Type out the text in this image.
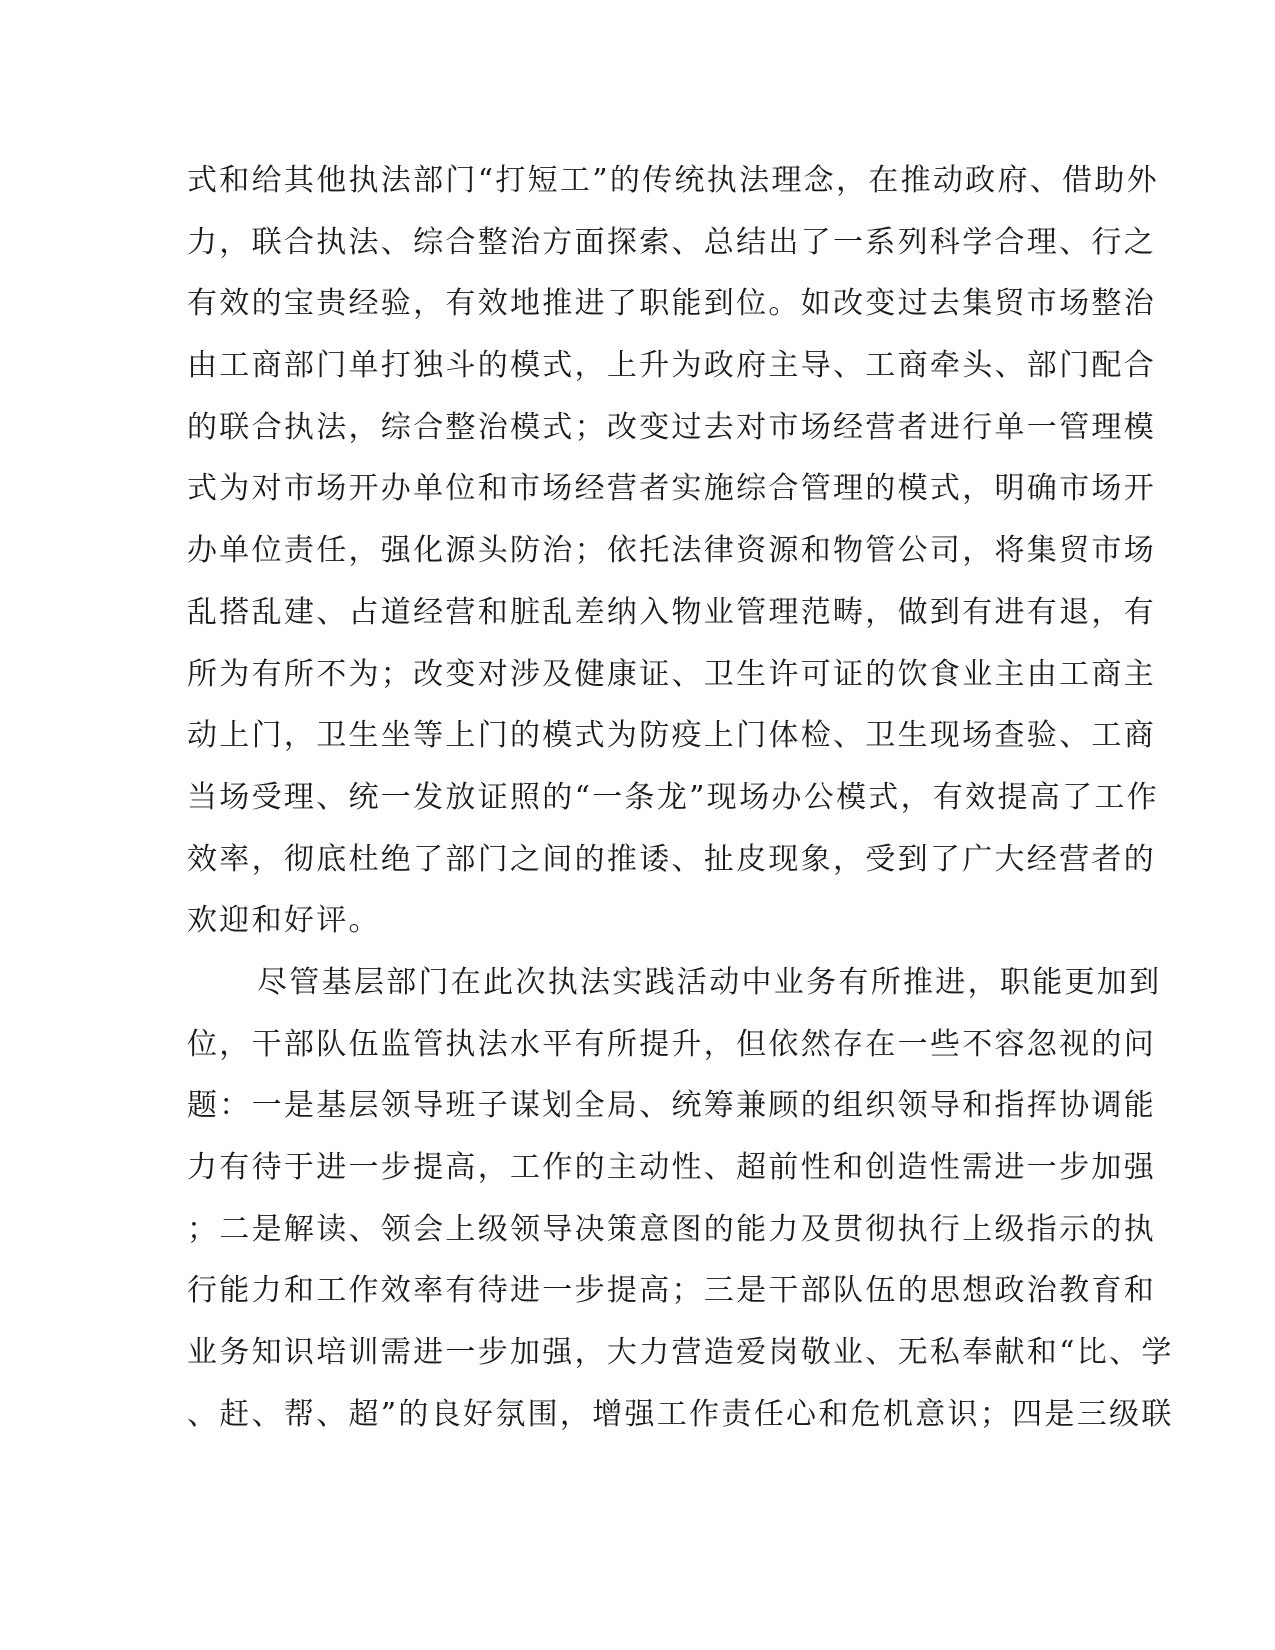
式和给其他执法部门“打短工”的传统执法理念，在推动政府、借助外
力，联合执法、综合整治方面探索、总结出了一系列科学合理、行之
有效的宝贵经验，有效地推进了职能到位。如改变过去集贸市场整治
由工商部门单打独斗的模式，上升为政府主导、工商牵头、部门配合
的联合执法，综合整治模式；改变过去对市场经营者进行单一管理模
式为对市场开办单位和市场经营者实施综合管理的模式，明确市场开
办单位责任，强化源头防治；依托法律资源和物管公司，将集贸市场
乱搭乱建、占道经营和脏乱差纳入物业管理范畴，做到有进有退，有
所为有所不为；改变对涉及健康证、卫生许可证的饮食业主由工商主
动上门，卫生坐等上门的模式为防疫上门体检、卫生现场查验、工商
当场受理、统一发放证照的“一条龙”现场办公模式，有效提高了工作
效率，彻底杜绝了部门之间的推诿、扯皮现象，受到了广大经营者的
欢迎和好评。
尽管基层部门在此次执法实践活动中业务有所推进，职能更加到
位，干部队伍监管执法水平有所提升，但依然存在一些不容忽视的问
题：一是基层领导班子谋划全局、统筹兼顾的组织领导和指挥协调能
力有待于进一步提高，工作的主动性、超前性和创造性需进一步加强
；二是解读、领会上级领导决策意图的能力及贯彻执行上级指示的执
行能力和工作效率有待进一步提高；三是干部队伍的思想政治教育和
业务知识培训需进一步加强，大力营造爱岗敬业、无私奉献和“比、学
、赶、帮、超”的良好氛围，增强工作责任心和危机意识；四是三级联
